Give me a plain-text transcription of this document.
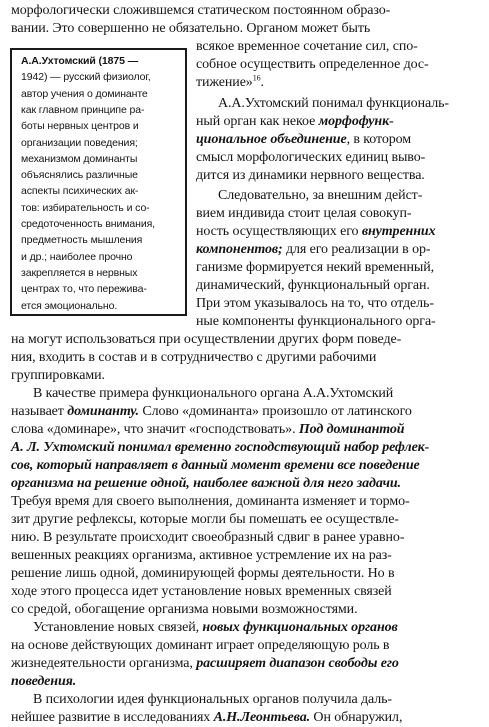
морфологически сложившемся статическом постоянном образо-
вании. Это совершенно не обязательно. Органом может быть
А.А.Ухтомский (1875 —
1942) — русский физиолог,
автор учения о доминанте
как главном принципе ра-
боты нервных центров и
организации поведения;
механизмом доминанты
объяснялись различные
аспекты психических ак-
тов: избирательность и со-
средоточенность внимания,
предметность мышления
и др.; наиболее прочно
закрепляется в нервных
центрах то, что пережива-
ется эмоционально.
всякое временное сочетание сил, спо-
собное осуществить определенное дос-
тижение»$^{16}$.
А.А.Ухтомский понимал функциональ-
ный орган как некое морфофунк-
циональное объединение, в котором
смысл морфологических единиц выво-
дится из динамики нервного вещества.
Следовательно, за внешним дейст-
вием индивида стоит целая совокуп-
ность осуществляющих его внутренних
компонентов; для его реализации в ор-
ганизме формируется некий временный,
динамический, функциональный орган.
При этом указывалось на то, что отдель-
ные компоненты функционального орга-
на могут использоваться при осуществлении других форм поведе-
ния, входить в состав и в сотрудничество с другими рабочими
группировками.
В качестве примера функционального органа А.А.Ухтомский
называет доминанту. Слово «доминанта» произошло от латинского
слова «доминаре», что значит «господствовать». Под доминантой
А. Л. Ухтомский понимал временно господствующий набор рефлек-
сов, который направляет в данный момент времени все поведение
организма на решение одной, наиболее важной для него задачи.
Требуя время для своего выполнения, доминанта изменяет и тормо-
зит другие рефлексы, которые могли бы помешать ее осуществле-
нию. В результате происходит своеобразный сдвиг в ранее уравно-
вешенных реакциях организма, активное устремление их на раз-
решение лишь одной, доминирующей формы деятельности. Но в
ходе этого процесса идет установление новых временных связей
со средой, обогащение организма новыми возможностями.
Установление новых связей, новых функциональных органов
на основе действующих доминант играет определяющую роль в
жизнедеятельности организма, расширяет диапазон свободы его
поведения.
В психологии идея функциональных органов получила даль-
нейшее развитие в исследованиях А.Н.Леонтьева. Он обнаружил,
